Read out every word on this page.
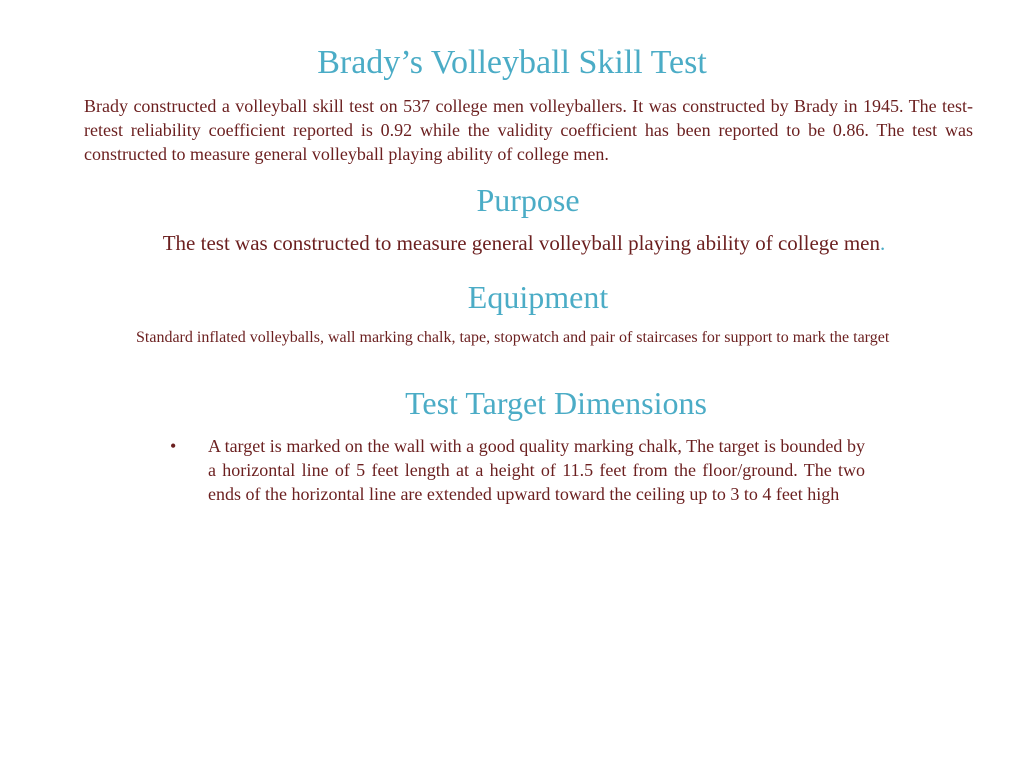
Brady’s Volleyball Skill Test

Brady constructed a volleyball skill test on 537 college men volleyballers. It was constructed by Brady in 1945. The test-retest reliability coefficient reported is 0.92 while the validity coefficient has been reported to be 0.86. The test was constructed to measure general volleyball playing ability of college men.

Purpose

The test was constructed to measure general volleyball playing ability of college men.

Equipment

Standard inflated volleyballs, wall marking chalk, tape, stopwatch and pair of staircases for support to mark the target

Test Target Dimensions
• A target is marked on the wall with a good quality marking chalk, The target is bounded by a horizontal line of 5 feet length at a height of 11.5 feet from the floor/ground. The two ends of the horizontal line are extended upward toward the ceiling up to 3 to 4 feet high
